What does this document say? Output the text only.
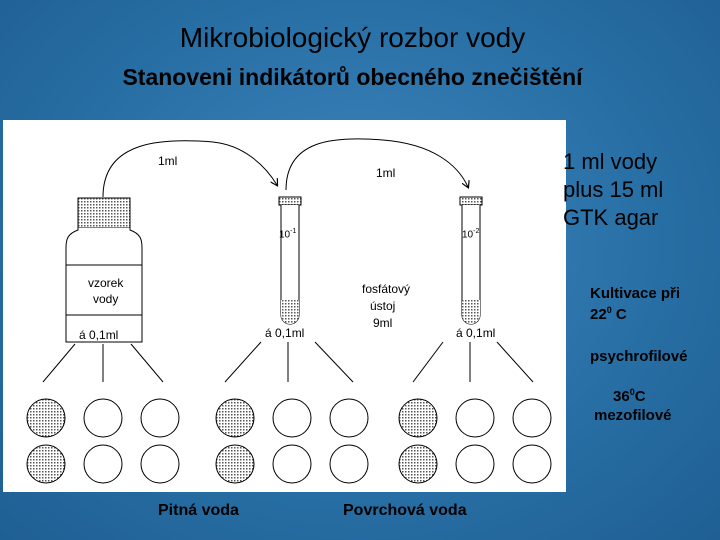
Mikrobiologický rozbor vody
Stanoveni indikátorů obecného znečištění
1ml
1ml
vzorek
vody
$10^{-1}$	$10^{-2}$
fosfátový
ústoj
9ml
á 0,1ml	á 0,1ml	á 0,1ml
1 ml vody
plus 15 ml
GTK agar
Kultivace při
$22^0$ C
psychrofilové
$36^0C$
mezofilové
Pitná voda	Povrchová voda
